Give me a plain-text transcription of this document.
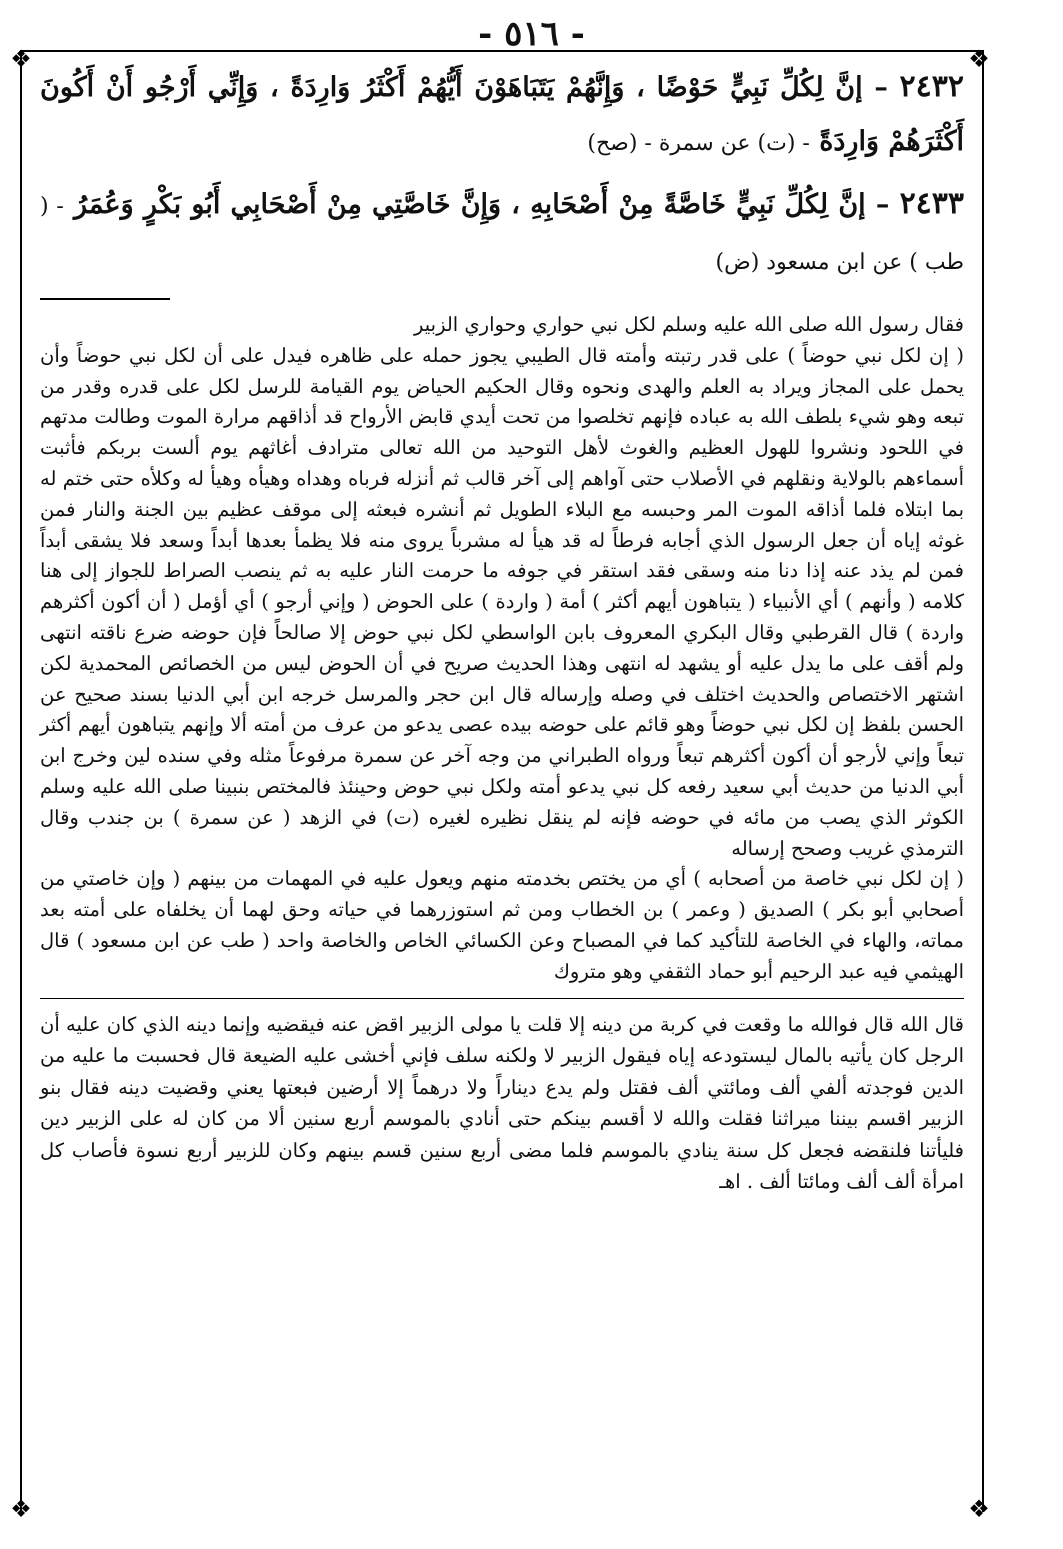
- ٥١٦ -
❖	❖
❖	❖

٢٤٣٢ – إنَّ لِكُلِّ نَبِيٍّ حَوْضًا ، وَإِنَّهُمْ يَتَبَاهَوْنَ أَيُّهُمْ أَكْثَرُ وَارِدَةً ، وَإِنِّي أَرْجُو أَنْ أَكُونَ أَكْثَرَهُمْ وَارِدَةً - (ت) عن سمرة - (صح)

٢٤٣٣ – إنَّ لِكُلِّ نَبِيٍّ خَاصَّةً مِنْ أَصْحَابِهِ ، وَإِنَّ خَاصَّتِي مِنْ أَصْحَابِي أَبُو بَكْرٍ وَعُمَرُ - ( طب ) عن ابن مسعود (ض)

فقال رسول الله صلى الله عليه وسلم لكل نبي حواري وحواري الزبير

( إن لكل نبي حوضاً ) على قدر رتبته وأمته قال الطيبي يجوز حمله على ظاهره فيدل على أن لكل نبي حوضاً وأن يحمل على المجاز ويراد به العلم والهدى ونحوه وقال الحكيم الحياض يوم القيامة للرسل لكل على قدره وقدر من تبعه وهو شيء بلطف الله به عباده فإنهم تخلصوا من تحت أيدي قابض الأرواح قد أذاقهم مرارة الموت وطالت مدتهم في اللحود ونشروا للهول العظيم والغوث لأهل التوحيد من الله تعالى مترادف أغاثهم يوم ألست بربكم فأثبت أسماءهم بالولاية ونقلهم في الأصلاب حتى آواهم إلى آخر قالب ثم أنزله فرباه وهداه وهيأه وهيأ له وكلأه حتى ختم له بما ابتلاه فلما أذاقه الموت المر وحبسه مع البلاء الطويل ثم أنشره فبعثه إلى موقف عظيم بين الجنة والنار فمن غوثه إياه أن جعل الرسول الذي أجابه فرطاً له قد هيأ له مشرباً يروى منه فلا يظمأ بعدها أبداً وسعد فلا يشقى أبداً فمن لم يذد عنه إذا دنا منه وسقى فقد استقر في جوفه ما حرمت النار عليه به ثم ينصب الصراط للجواز إلى هنا كلامه ( وأنهم ) أي الأنبياء ( يتباهون أيهم أكثر ) أمة ( واردة ) على الحوض ( وإني أرجو ) أي أؤمل ( أن أكون أكثرهم واردة ) قال القرطبي وقال البكري المعروف بابن الواسطي لكل نبي حوض إلا صالحاً فإن حوضه ضرع ناقته انتهى ولم أقف على ما يدل عليه أو يشهد له انتهى وهذا الحديث صريح في أن الحوض ليس من الخصائص المحمدية لكن اشتهر الاختصاص والحديث اختلف في وصله وإرساله قال ابن حجر والمرسل خرجه ابن أبي الدنيا بسند صحيح عن الحسن بلفظ إن لكل نبي حوضاً وهو قائم على حوضه بيده عصى يدعو من عرف من أمته ألا وإنهم يتباهون أيهم أكثر تبعاً وإني لأرجو أن أكون أكثرهم تبعاً ورواه الطبراني من وجه آخر عن سمرة مرفوعاً مثله وفي سنده لين وخرج ابن أبي الدنيا من حديث أبي سعيد رفعه كل نبي يدعو أمته ولكل نبي حوض وحينئذ فالمختص بنبينا صلى الله عليه وسلم الكوثر الذي يصب من مائه في حوضه فإنه لم ينقل نظيره لغيره (ت) في الزهد ( عن سمرة ) بن جندب وقال الترمذي غريب وصحح إرساله

( إن لكل نبي خاصة من أصحابه ) أي من يختص بخدمته منهم ويعول عليه في المهمات من بينهم ( وإن خاصتي من أصحابي أبو بكر ) الصديق ( وعمر ) بن الخطاب ومن ثم استوزرهما في حياته وحق لهما أن يخلفاه على أمته بعد مماته، والهاء في الخاصة للتأكيد كما في المصباح وعن الكسائي الخاص والخاصة واحد ( طب عن ابن مسعود ) قال الهيثمي فيه عبد الرحيم أبو حماد الثقفي وهو متروك

قال الله قال فوالله ما وقعت في كربة من دينه إلا قلت يا مولى الزبير اقض عنه فيقضيه وإنما دينه الذي كان عليه أن الرجل كان يأتيه بالمال ليستودعه إياه فيقول الزبير لا ولكنه سلف فإني أخشى عليه الضيعة قال فحسبت ما عليه من الدين فوجدته ألفي ألف ومائتي ألف فقتل ولم يدع ديناراً ولا درهماً إلا أرضين فبعتها يعني وقضيت دينه فقال بنو الزبير اقسم بيننا ميراثنا فقلت والله لا أقسم بينكم حتى أنادي بالموسم أربع سنين ألا من كان له على الزبير دين فليأتنا فلنقضه فجعل كل سنة ينادي بالموسم فلما مضى أربع سنين قسم بينهم وكان للزبير أربع نسوة فأصاب كل امرأة ألف ألف ومائتا ألف . اهـ
